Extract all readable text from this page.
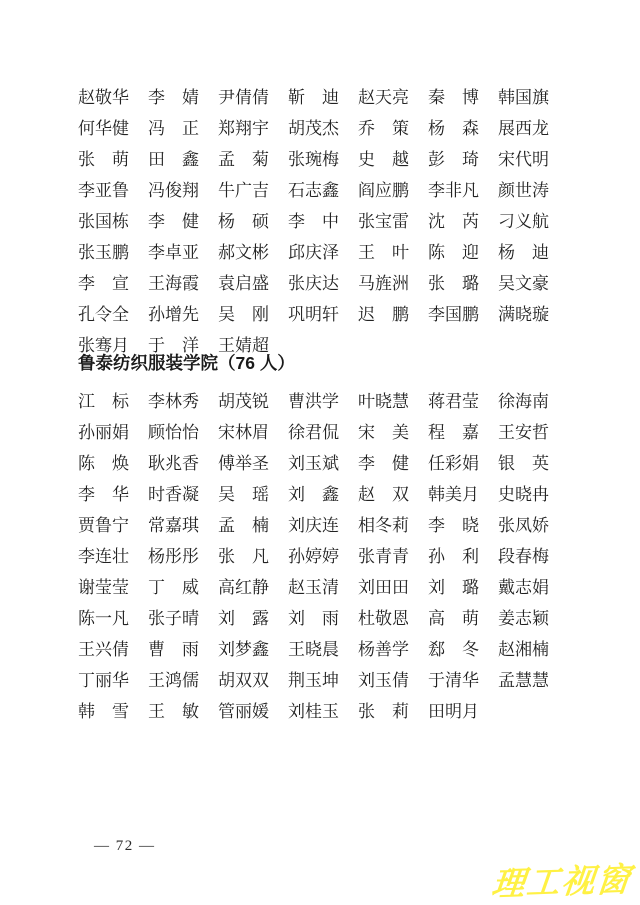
赵敬华 李　婧 尹倩倩 靳　迪 赵天亮 秦　博 韩国旗
何华健 冯　正 郑翔宇 胡茂杰 乔　策 杨　森 展西龙
张　萌 田　鑫 孟　菊 张琬梅 史　越 彭　琦 宋代明
李亚鲁 冯俊翔 牛广吉 石志鑫 阎应鹏 李非凡 颜世涛
张国栋 李　健 杨　硕 李　中 张宝雷 沈　芮 刁义航
张玉鹏 李卓亚 郝文彬 邱庆泽 王　叶 陈　迎 杨　迪
李　宣 王海霞 袁启盛 张庆达 马旌洲 张　璐 吴文豪
孔令全 孙增先 吴　刚 巩明轩 迟　鹏 李国鹏 满晓璇
张骞月 于　洋 王婧超
鲁泰纺织服装学院（76 人）
江　标 李林秀 胡茂锐 曹洪学 叶晓慧 蒋君莹 徐海南
孙丽娟 顾怡怡 宋林眉 徐君侃 宋　美 程　嘉 王安哲
陈　焕 耿兆香 傅举圣 刘玉斌 李　健 任彩娟 银　英
李　华 时香凝 吴　瑶 刘　鑫 赵　双 韩美月 史晓冉
贾鲁宁 常嘉琪 孟　楠 刘庆连 相冬莉 李　晓 张凤娇
李连壮 杨彤彤 张　凡 孙婷婷 张青青 孙　利 段春梅
谢莹莹 丁　威 高红静 赵玉清 刘田田 刘　璐 戴志娟
陈一凡 张子晴 刘　露 刘　雨 杜敬恩 高　萌 姜志颖
王兴倩 曹　雨 刘梦鑫 王晓晨 杨善学 郄　冬 赵湘楠
丁丽华 王鸿儒 胡双双 荆玉坤 刘玉倩 于清华 孟慧慧
韩　雪 王　敏 管丽媛 刘桂玉 张　莉 田明月
— 72 —
理工视窗
